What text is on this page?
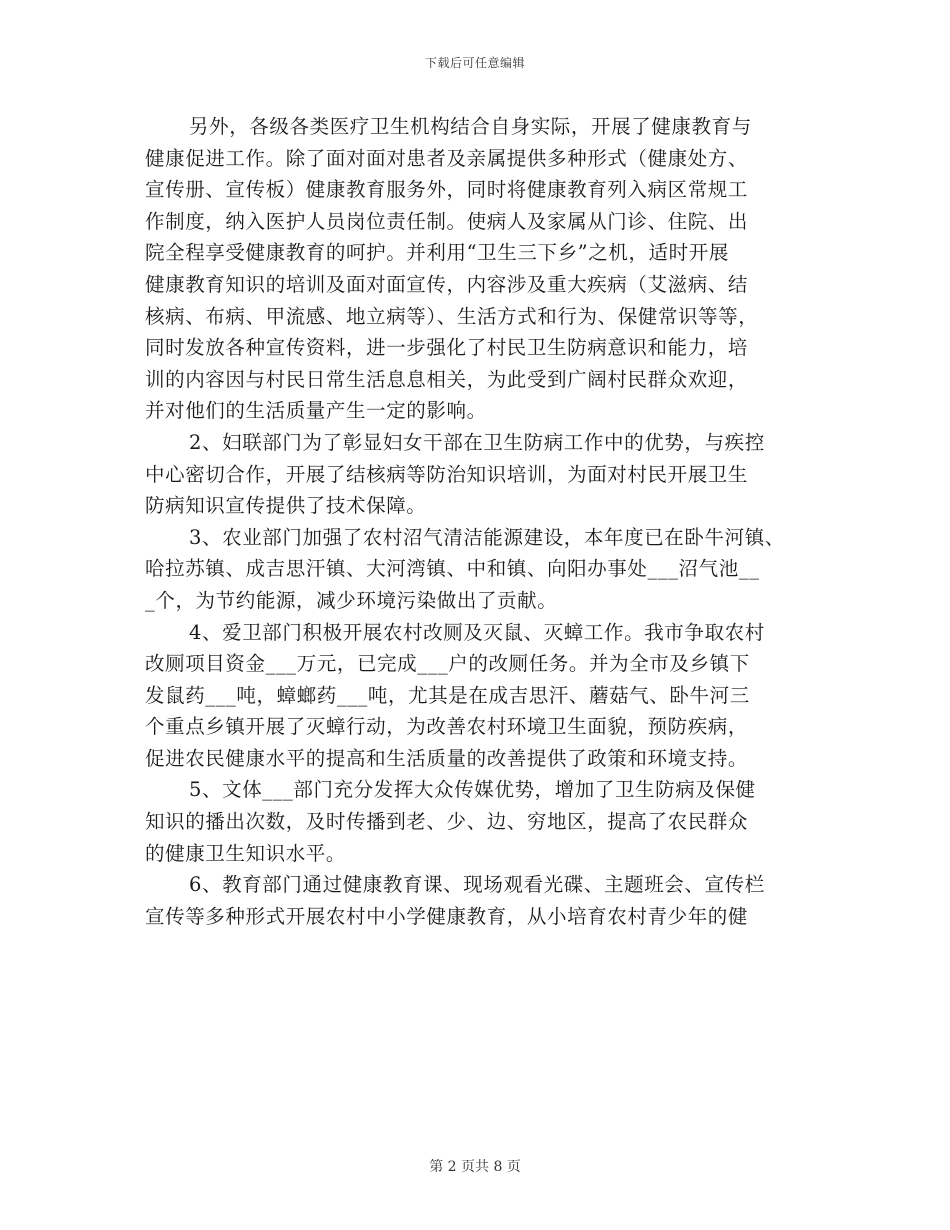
下载后可任意编辑
另外，各级各类医疗卫生机构结合自身实际，开展了健康教育与
健康促进工作。除了面对面对患者及亲属提供多种形式（健康处方、
宣传册、宣传板）健康教育服务外，同时将健康教育列入病区常规工
作制度，纳入医护人员岗位责任制。使病人及家属从门诊、住院、出
院全程享受健康教育的呵护。并利用“卫生三下乡”之机，适时开展
健康教育知识的培训及面对面宣传，内容涉及重大疾病（艾滋病、结
核病、布病、甲流感、地立病等）、生活方式和行为、保健常识等等，
同时发放各种宣传资料，进一步强化了村民卫生防病意识和能力，培
训的内容因与村民日常生活息息相关，为此受到广阔村民群众欢迎，
并对他们的生活质量产生一定的影响。
2、妇联部门为了彰显妇女干部在卫生防病工作中的优势，与疾控
中心密切合作，开展了结核病等防治知识培训，为面对村民开展卫生
防病知识宣传提供了技术保障。
3、农业部门加强了农村沼气清洁能源建设，本年度已在卧牛河镇、
哈拉苏镇、成吉思汗镇、大河湾镇、中和镇、向阳办事处___沼气池__
_个，为节约能源，减少环境污染做出了贡献。
4、爱卫部门积极开展农村改厕及灭鼠、灭蟑工作。我市争取农村
改厕项目资金___万元，已完成___户的改厕任务。并为全市及乡镇下
发鼠药___吨，蟑螂药___吨，尤其是在成吉思汗、蘑菇气、卧牛河三
个重点乡镇开展了灭蟑行动，为改善农村环境卫生面貌，预防疾病，
促进农民健康水平的提高和生活质量的改善提供了政策和环境支持。
5、文体___部门充分发挥大众传媒优势，增加了卫生防病及保健
知识的播出次数，及时传播到老、少、边、穷地区，提高了农民群众
的健康卫生知识水平。
6、教育部门通过健康教育课、现场观看光碟、主题班会、宣传栏
宣传等多种形式开展农村中小学健康教育，从小培育农村青少年的健
第 2 页共 8 页
